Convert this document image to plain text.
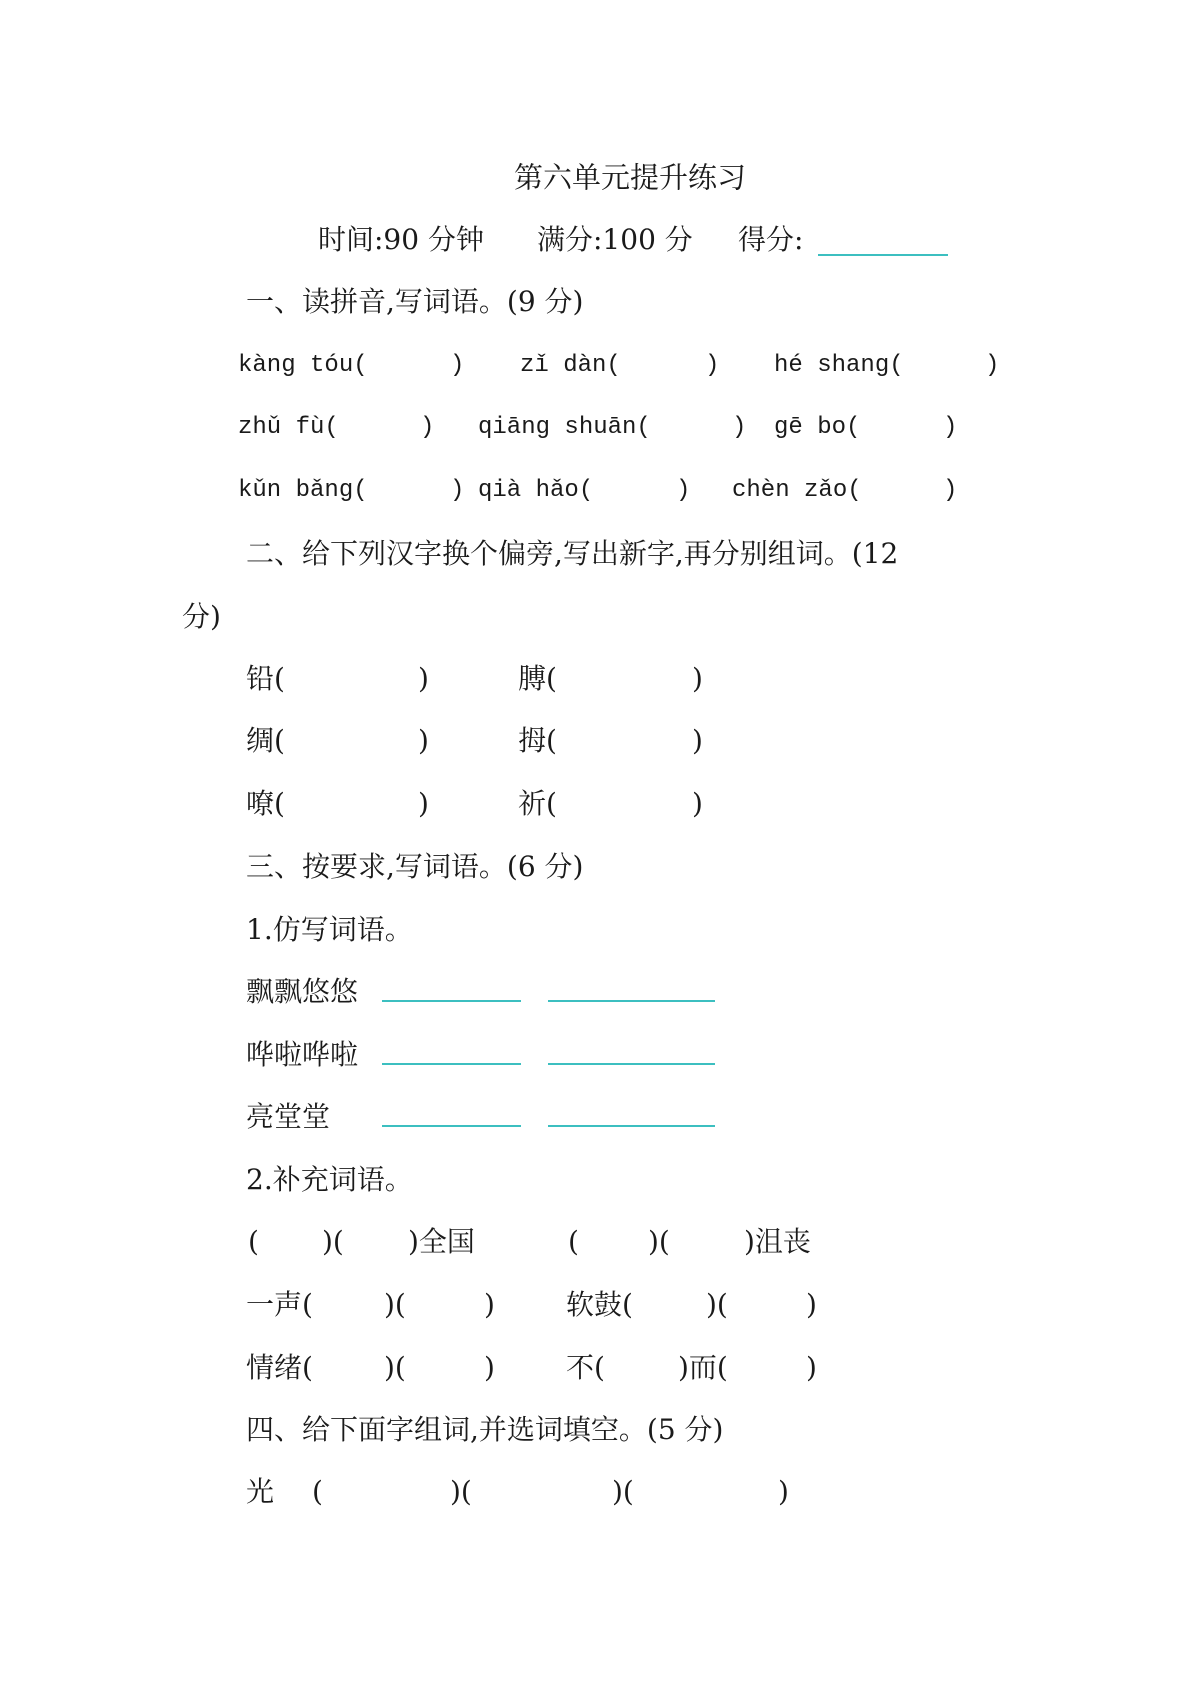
第六单元提升练习
时间:90 分钟 满分:100 分 得分:
一、读拼音,写词语。(9 分)
kàng tóu(	) zǐ dàn(	) hé shang(	)
zhǔ fù(	) qiāng shuān(	) gē bo(	)
kǔn bǎng(	) qià hǎo(	) chèn zǎo(	)
二、给下列汉字换个偏旁,写出新字,再分别组词。(12
分)
铅(	)	膊(	)
绸(	)	拇(	)
嘹(	)	祈(	)
三、按要求,写词语。(6 分)
1.仿写词语。
飘飘悠悠
哗啦哗啦
亮堂堂
2.补充词语。
( )( )全国	( )(	)沮丧
一声(	)(	)	软鼓(	)(	)
情绪(	)(	)	不(	)而(	)
四、给下面字组词,并选词填空。(5 分)
光 (	)(	)(	)
